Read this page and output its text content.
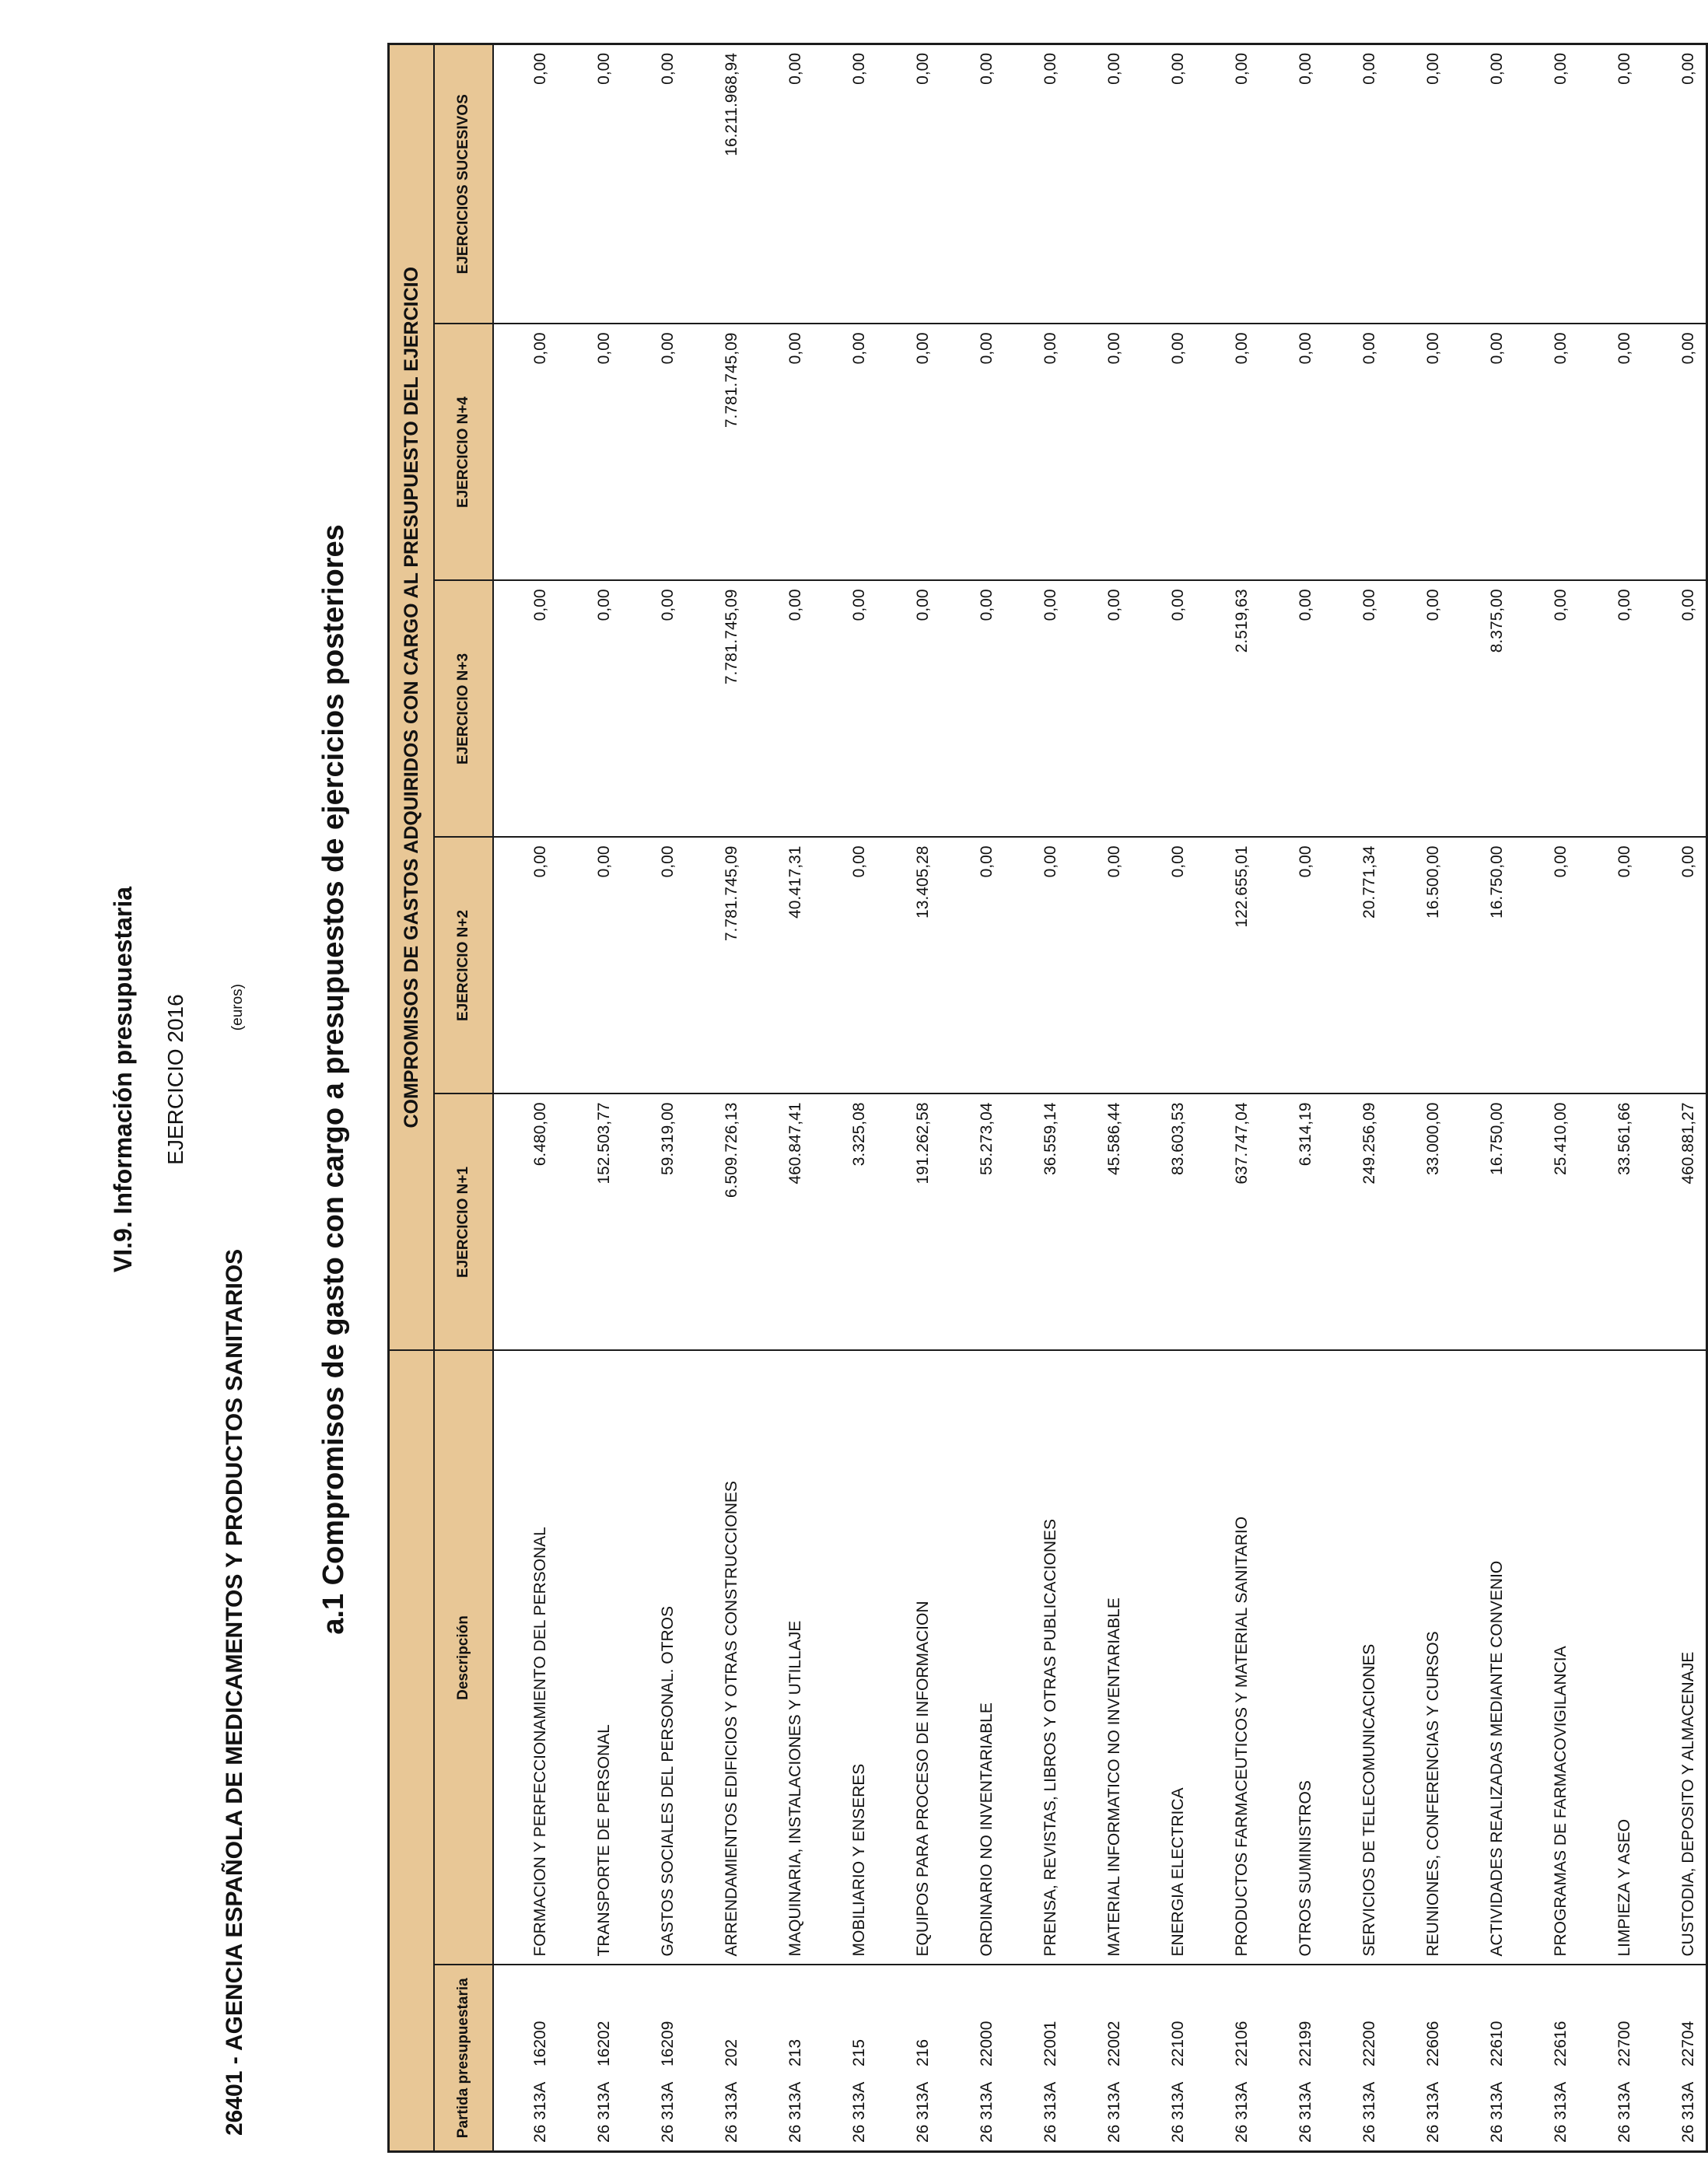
VI.9. Información presupuestaria EJERCICIO 2016
26401 - AGENCIA ESPAÑOLA DE MEDICAMENTOS Y PRODUCTOS SANITARIOS
(euros) a.1 Compromisos de gasto con cargo a presupuestos de ejercicios posteriores
		COMPROMISOS DE GASTOS ADQUIRIDOS CON CARGO AL PRESUPUESTO DEL EJERCICIO				
Partida presupuestaria	Descripción	EJERCICIO N+1	EJERCICIO N+2	EJERCICIO N+3	EJERCICIO N+4	EJERCICIOS SUCESIVOS
26 313A16200	FORMACION Y PERFECCIONAMIENTO DEL PERSONAL	6.480,00	0,00	0,00	0,00	0,00
26 313A16202	TRANSPORTE DE PERSONAL	152.503,77	0,00	0,00	0,00	0,00
26 313A16209	GASTOS SOCIALES DEL PERSONAL. OTROS	59.319,00	0,00	0,00	0,00	0,00
26 313A202	ARRENDAMIENTOS EDIFICIOS Y OTRAS CONSTRUCCIONES	6.509.726,13	7.781.745,09	7.781.745,09	7.781.745,09	16.211.968,94
26 313A213	MAQUINARIA, INSTALACIONES Y UTILLAJE	460.847,41	40.417,31	0,00	0,00	0,00
26 313A215	MOBILIARIO Y ENSERES	3.325,08	0,00	0,00	0,00	0,00
26 313A216	EQUIPOS PARA PROCESO DE INFORMACION	191.262,58	13.405,28	0,00	0,00	0,00
26 313A22000	ORDINARIO NO INVENTARIABLE	55.273,04	0,00	0,00	0,00	0,00
26 313A22001	PRENSA, REVISTAS, LIBROS Y OTRAS PUBLICACIONES	36.559,14	0,00	0,00	0,00	0,00
26 313A22002	MATERIAL INFORMATICO NO INVENTARIABLE	45.586,44	0,00	0,00	0,00	0,00
26 313A22100	ENERGIA ELECTRICA	83.603,53	0,00	0,00	0,00	0,00
26 313A22106	PRODUCTOS FARMACEUTICOS Y MATERIAL SANITARIO	637.747,04	122.655,01	2.519,63	0,00	0,00
26 313A22199	OTROS SUMINISTROS	6.314,19	0,00	0,00	0,00	0,00
26 313A22200	SERVICIOS DE TELECOMUNICACIONES	249.256,09	20.771,34	0,00	0,00	0,00
26 313A22606	REUNIONES, CONFERENCIAS Y CURSOS	33.000,00	16.500,00	0,00	0,00	0,00
26 313A22610	ACTIVIDADES REALIZADAS MEDIANTE CONVENIO	16.750,00	16.750,00	8.375,00	0,00	0,00
26 313A22616	PROGRAMAS DE FARMACOVIGILANCIA	25.410,00	0,00	0,00	0,00	0,00
26 313A22700	LIMPIEZA Y ASEO	33.561,66	0,00	0,00	0,00	0,00
26 313A22704	CUSTODIA, DEPOSITO Y ALMACENAJE	460.881,27	0,00	0,00	0,00	0,00
